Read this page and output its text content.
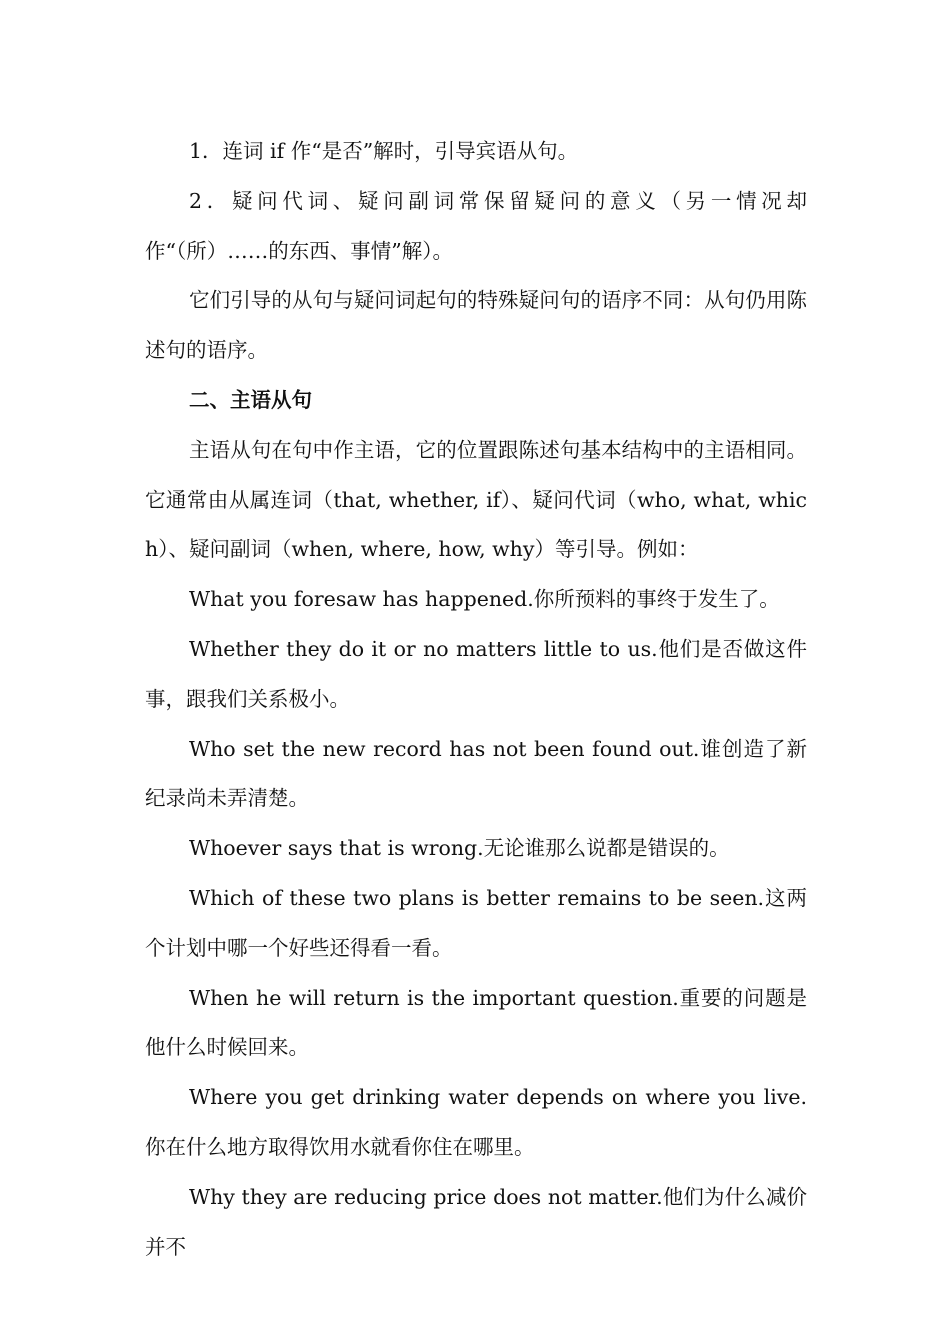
1．连词 if 作“是否”解时，引导宾语从句。

2．疑问代词、疑问副词常保留疑问的意义（另一情况却作“（所）……的东西、事情”解）。

它们引导的从句与疑问词起句的特殊疑问句的语序不同：从句仍用陈述句的语序。

二、主语从句

主语从句在句中作主语，它的位置跟陈述句基本结构中的主语相同。它通常由从属连词（that, whether, if）、疑问代词（who, what, which）、疑问副词（when, where, how, why）等引导。例如：

What you foresaw has happened.你所预料的事终于发生了。

Whether they do it or no matters little to us.他们是否做这件事，跟我们关系极小。

Who set the new record has not been found out.谁创造了新纪录尚未弄清楚。

Whoever says that is wrong.无论谁那么说都是错误的。

Which of these two plans is better remains to be seen.这两个计划中哪一个好些还得看一看。

When he will return is the important question.重要的问题是他什么时候回来。

Where you get drinking water depends on where you live.你在什么地方取得饮用水就看你住在哪里。

Why they are reducing price does not matter.他们为什么减价并不
